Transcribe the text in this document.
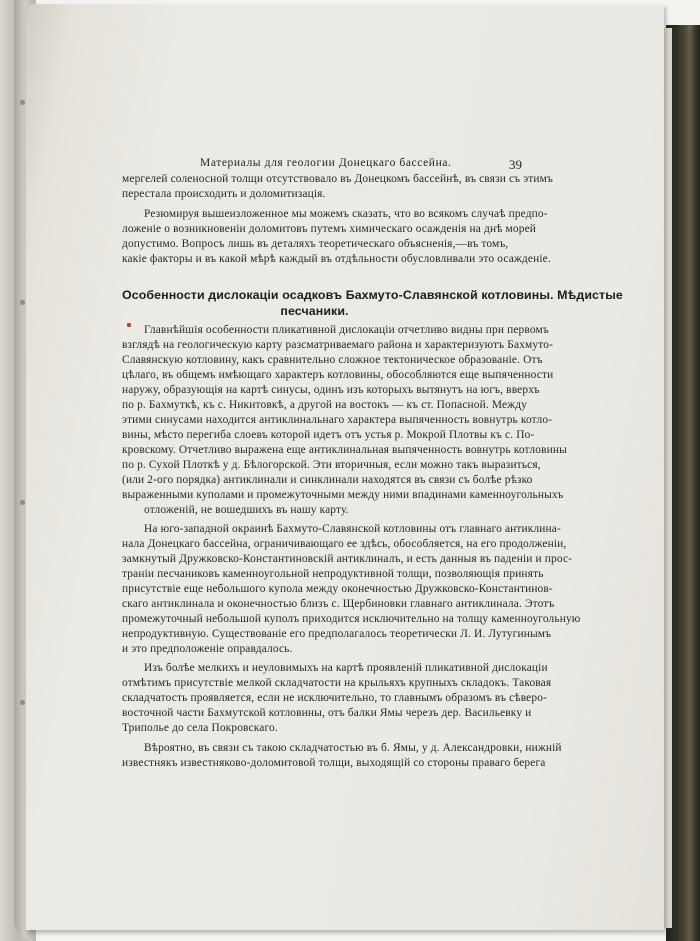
Материалы для геологии Донецкаго бассейна.	39
мергелей соленосной толщи отсутствовало въ Донецкомъ бассейнѣ, въ связи съ этимъ
перестала происходить и доломитизація.
Резюмируя вышеизложенное мы можемъ сказать, что во всякомъ случаѣ предпо-
ложеніе о возникновеніи доломитовъ путемъ химическаго осажденія на днѣ морей
допустимо. Вопросъ лишь въ деталяхъ теоретическаго объясненія,—въ томъ,
какіе факторы и въ какой мѣрѣ каждый въ отдѣльности обусловливали это осажденіе.
Особенности дислокаціи осадковъ Бахмуто-Славянской котловины. Мѣдистые
песчаники.
Главнѣйшія особенности пликативной дислокаціи отчетливо видны при первомъ
взглядѣ на геологическую карту разсматриваемаго района и характеризуютъ Бахмуто-
Славянскую котловину, какъ сравнительно сложное тектоническое образованіе. Отъ
цѣлаго, въ общемъ имѣющаго характеръ котловины, обособляются еще выпяченности
наружу, образующія на картѣ синусы, одинъ изъ которыхъ вытянутъ на югъ, вверхъ
по р. Бахмуткѣ, къ с. Никитовкѣ, а другой на востокъ — къ ст. Попасной. Между
этими синусами находится антиклинальнаго характера выпяченность вовнутрь котло-
вины, мѣсто перегиба слоевъ которой идетъ отъ устья р. Мокрой Плотвы къ с. По-
кровскому. Отчетливо выражена еще антиклинальная выпяченность вовнутрь котловины
по р. Сухой Плоткѣ у д. Бѣлогорской. Эти вторичныя, если можно такъ выразиться,
(или 2-ого порядка) антиклинали и синклинали находятся въ связи съ болѣе рѣзко
выраженными куполами и промежуточными между ними впадинами каменноугольныхъ
отложеній, не вошедшихъ въ нашу карту.
На юго-западной окраинѣ Бахмуто-Славянской котловины отъ главнаго антиклина-
нала Донецкаго бассейна, ограничивающаго ее здѣсь, обособляется, на его продолженіи,
замкнутый Дружковско-Константиновскій антиклиналъ, и есть данныя въ паденіи и прос-
траніи песчаниковъ каменноугольной непродуктивной толщи, позволяющія принять
присутствіе еще небольшого купола между оконечностью Дружковско-Константинов-
скаго антиклинала и оконечностью близъ с. Щербиновки главнаго антиклинала. Этотъ
промежуточный небольшой куполъ приходится исключительно на толщу каменноугольную
непродуктивную. Существованіе его предполагалось теоретически Л. И. Лутугинымъ
и это предположеніе оправдалось.
Изъ болѣе мелкихъ и неуловимыхъ на картѣ проявленій пликативной дислокаціи
отмѣтимъ присутствіе мелкой складчатости на крыльяхъ крупныхъ складокъ. Таковая
складчатость проявляется, если не исключительно, то главнымъ образомъ въ сѣверо-
восточной части Бахмутской котловины, отъ балки Ямы черезъ дер. Васильевку и
Триполье до села Покровскаго.
Вѣроятно, въ связи съ такою складчатостью въ б. Ямы, у д. Александровки, нижній
известнякъ известняково-доломитовой толщи, выходящій со стороны праваго берега
